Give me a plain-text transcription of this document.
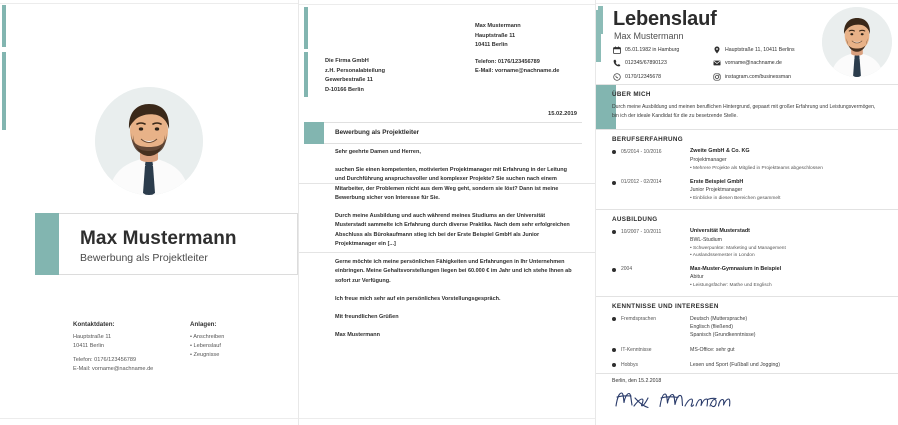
Max Mustermann
Bewerbung als Projektleiter
Kontaktdaten:
Hauptstraße 11
10411 Berlin
Telefon: 0176/123456789
E-Mail: vorname@nachname.de
Anlagen:
• Anschreiben
• Lebenslauf
• Zeugnisse
Max Mustermann
Hauptstraße 11
10411 Berlin
Telefon: 0176/123456789
E-Mail: vorname@nachname.de
Die Firma GmbH
z.H. Personalabteilung
Gewerbestraße 11
D-10166 Berlin
15.02.2019
Bewerbung als Projektleiter
Sehr geehrte Damen und Herren,
suchen Sie einen kompetenten, motivierten Projektmanager mit Erfahrung in der Leitung und Durchführung anspruchsvoller und komplexer Projekte? Sie suchen nach einem Mitarbeiter, der Problemen nicht aus dem Weg geht, sondern sie löst? Dann ist meine Bewerbung sicher von Interesse für Sie.
Durch meine Ausbildung und auch während meines Studiums an der Universität Musterstadt sammelte ich Erfahrung durch diverse Praktika. Nach dem sehr erfolgreichen Abschluss als Bürokaufmann stieg ich bei der Erste Beispiel GmbH als Junior Projektmanager ein [...]
Gerne möchte ich meine persönlichen Fähigkeiten und Erfahrungen in Ihr Unternehmen einbringen. Meine Gehaltsvorstellungen liegen bei 60.000 € im Jahr und ich stehe Ihnen ab sofort zur Verfügung.
Ich freue mich sehr auf ein persönliches Vorstellungsgespräch.
Mit freundlichen Grüßen
Max Mustermann
Lebenslauf
Max Mustermann
05.01.1982 in Hamburg	Hauptstraße 11, 10411 Berlins
012345/67890123	vorname@nachname.de
0170/12345678	instagram.com/businessman
ÜBER MICH
Durch meine Ausbildung und meinen beruflichen Hintergrund, gepaart mit großer Erfahrung und Leistungsvermögen, bin ich der ideale Kandidat für die zu besetzende Stelle.
BERUFSERFAHRUNG
05/2014 - 10/2016	Zweite GmbH & Co. KG
Projektmanager
• Mehrere Projekte als Mitglied in Projektteams abgeschlossen
01/2012 - 02/2014	Erste Beispiel GmbH
Junior Projektmanager
• Einblicke in diesen Bereichen gesammelt
AUSBILDUNG
10/2007 - 10/2011	Universität Musterstadt
BWL-Studium
• Schwerpunkte: Marketing und Management
• Auslandssemester in London
2004	Max-Muster-Gymnasium in Beispiel
Abitur
• Leistungsfächer: Mathe und Englisch
KENNTNISSE UND INTERESSEN
Fremdsprachen	Deutsch (Muttersprache)
Englisch (fließend)
Spanisch (Grundkenntnisse)
IT-Kenntnisse	MS-Office: sehr gut
Hobbys	Lesen und Sport (Fußball und Jogging)
Berlin, den 15.2.2018
